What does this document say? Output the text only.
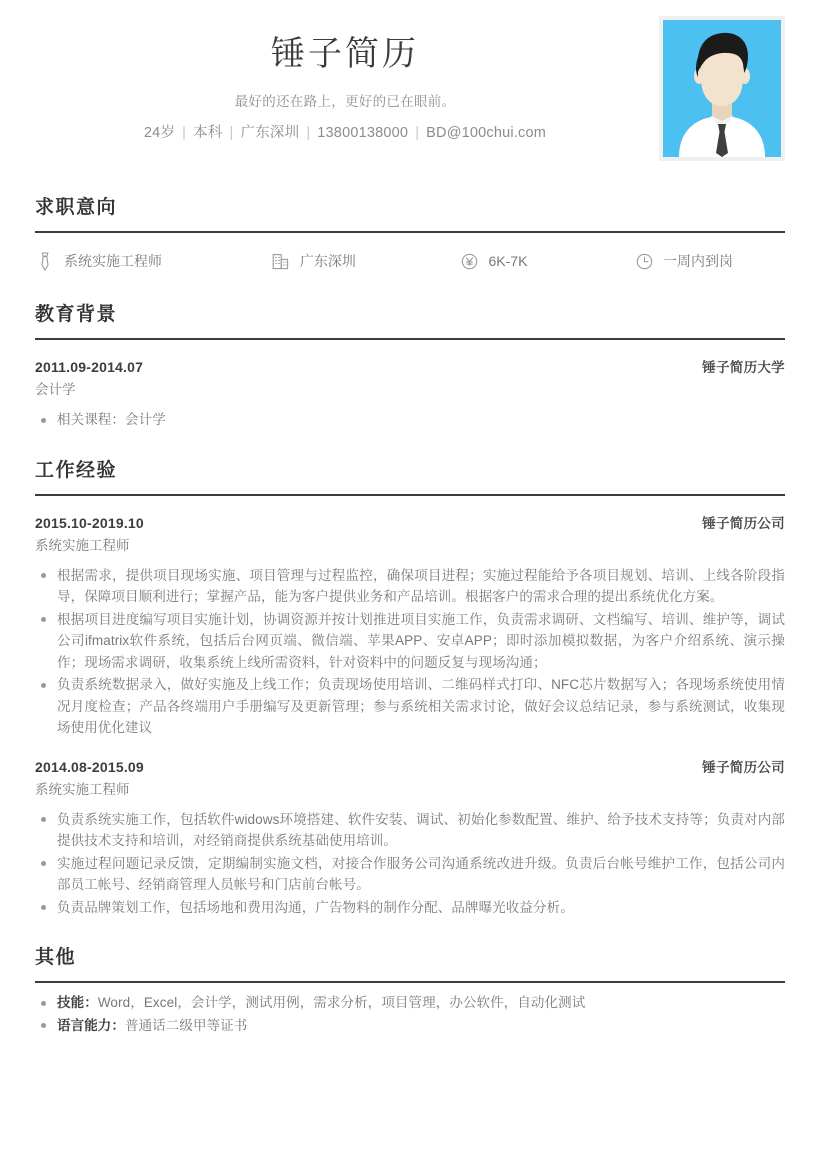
锤子简历
最好的还在路上，更好的已在眼前。
24岁 | 本科 | 广东深圳 | 13800138000 | BD@100chui.com
求职意向
系统实施工程师	广东深圳	6K-7K	一周内到岗
教育背景
2011.09-2014.07	锤子简历大学
会计学
相关课程：会计学
工作经验
2015.10-2019.10	锤子简历公司
系统实施工程师
根据需求，提供项目现场实施、项目管理与过程监控，确保项目进程；实施过程能给予各项目规划、培训、上线各阶段指导，保障项目顺利进行；掌握产品，能为客户提供业务和产品培训。根据客户的需求合理的提出系统优化方案。
根据项目进度编写项目实施计划，协调资源并按计划推进项目实施工作，负责需求调研、文档编写、培训、维护等，调试公司ifmatrix软件系统，包括后台网页端、微信端、苹果APP、安卓APP；即时添加模拟数据，为客户介绍系统、演示操作；现场需求调研，收集系统上线所需资料，针对资料中的问题反复与现场沟通；
负责系统数据录入，做好实施及上线工作；负责现场使用培训、二维码样式打印、NFC芯片数据写入；各现场系统使用情况月度检查；产品各终端用户手册编写及更新管理；参与系统相关需求讨论，做好会议总结记录，参与系统测试，收集现场使用优化建议
2014.08-2015.09	锤子简历公司
系统实施工程师
负责系统实施工作，包括软件widows环境搭建、软件安装、调试、初始化参数配置、维护、给予技术支持等；负责对内部提供技术支持和培训，对经销商提供系统基础使用培训。
实施过程问题记录反馈，定期编制实施文档，对接合作服务公司沟通系统改进升级。负责后台帐号维护工作，包括公司内部员工帐号、经销商管理人员帐号和门店前台帐号。
负责品牌策划工作，包括场地和费用沟通，广告物料的制作分配、品牌曝光收益分析。
其他
技能：Word，Excel，会计学，测试用例，需求分析，项目管理，办公软件，自动化测试
语言能力：普通话二级甲等证书
